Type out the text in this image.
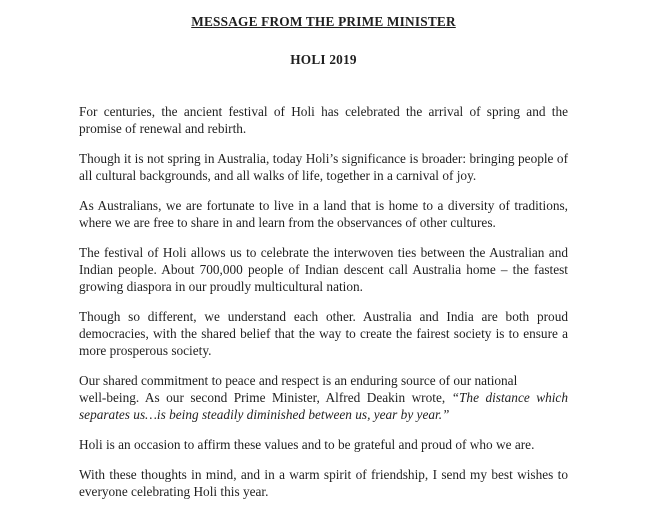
MESSAGE FROM THE PRIME MINISTER
HOLI 2019

For centuries, the ancient festival of Holi has celebrated the arrival of spring and the promise of renewal and rebirth.

Though it is not spring in Australia, today Holi’s significance is broader: bringing people of all cultural backgrounds, and all walks of life, together in a carnival of joy.

As Australians, we are fortunate to live in a land that is home to a diversity of traditions, where we are free to share in and learn from the observances of other cultures.

The festival of Holi allows us to celebrate the interwoven ties between the Australian and Indian people. About 700,000 people of Indian descent call Australia home – the fastest growing diaspora in our proudly multicultural nation.

Though so different, we understand each other. Australia and India are both proud democracies, with the shared belief that the way to create the fairest society is to ensure a more prosperous society.

Our shared commitment to peace and respect is an enduring source of our national
well-being. As our second Prime Minister, Alfred Deakin wrote, “The distance which separates us…is being steadily diminished between us, year by year.”

Holi is an occasion to affirm these values and to be grateful and proud of who we are.

With these thoughts in mind, and in a warm spirit of friendship, I send my best wishes to everyone celebrating Holi this year.
